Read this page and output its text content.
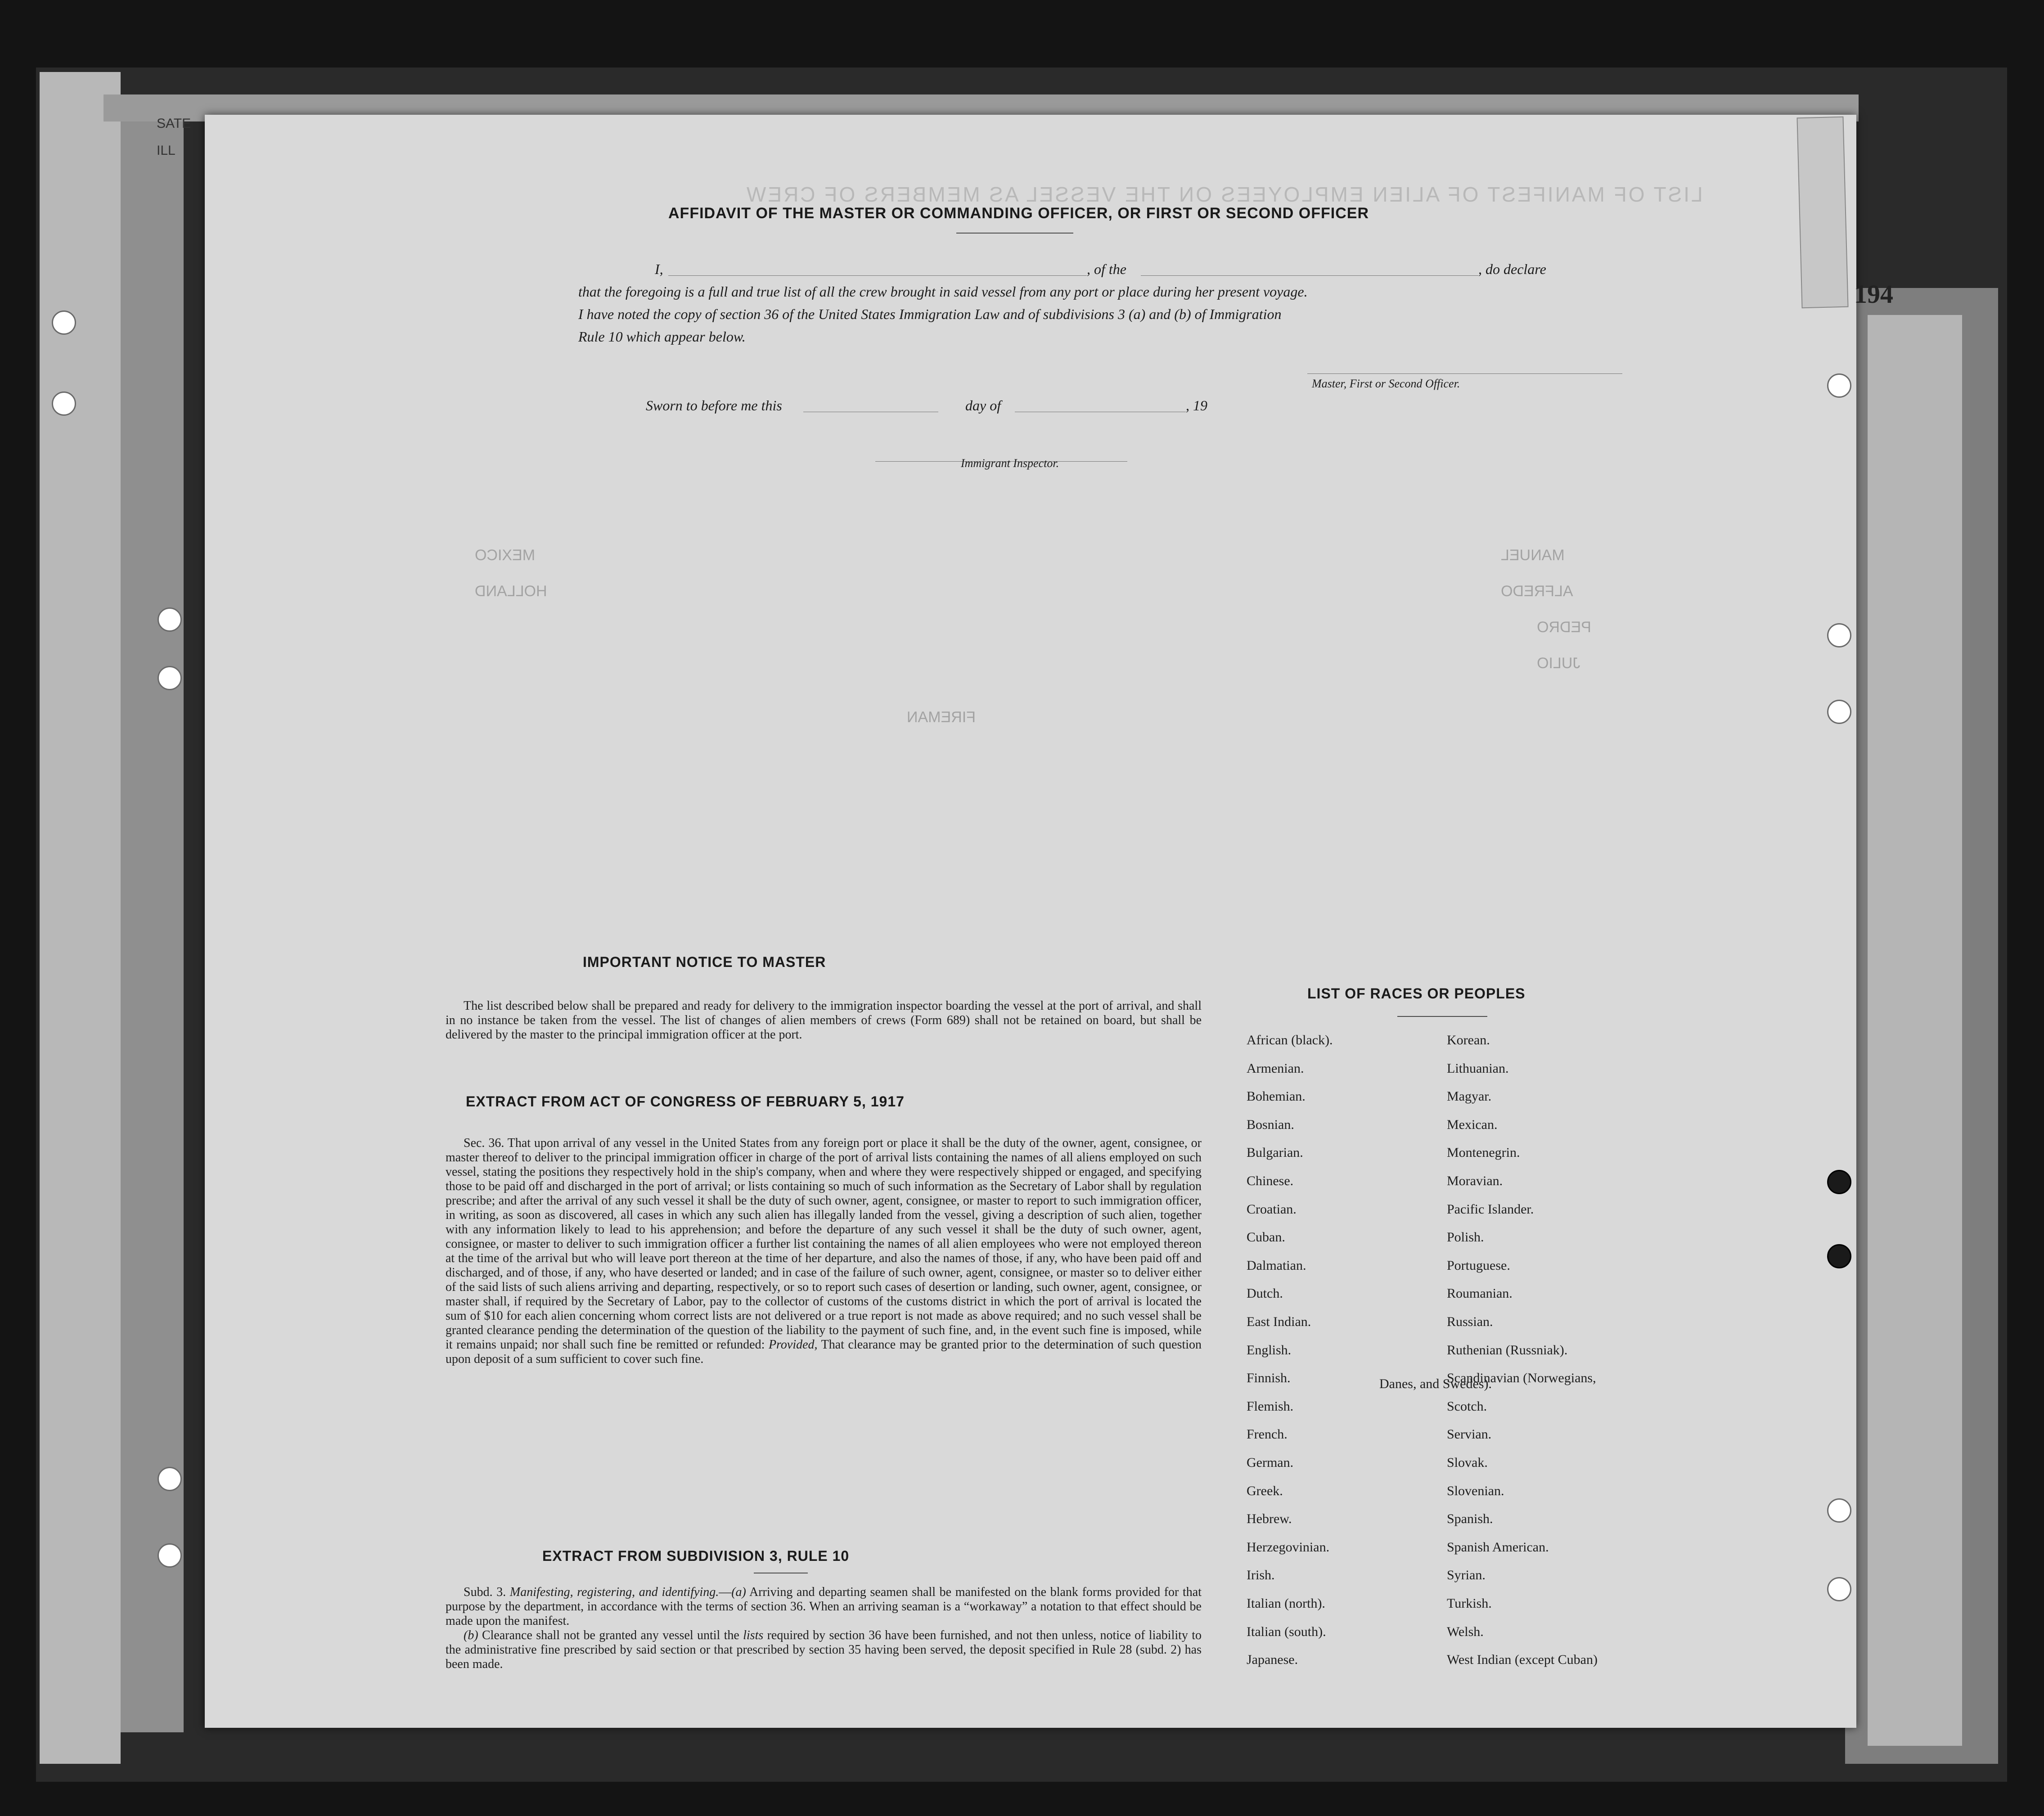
SATE
ILL
LIST OF MANIFEST OF ALIEN EMPLOYEES ON THE VESSEL AS MEMBERS OF CREW
MANUEL
ALFREDO
PEDRO
JULIO
FIREMAN
MEXICO
HOLLAND
AFFIDAVIT OF THE MASTER OR COMMANDING OFFICER, OR FIRST OR SECOND OFFICER
I,	, of the	, do declare
that the foregoing is a full and true list of all the crew brought in said vessel from any port or place during her present voyage.
I have noted the copy of section 36 of the United States Immigration Law and of subdivisions 3 (a) and (b) of Immigration
Rule 10 which appear below.
Master, First or Second Officer.
Sworn to before me this	day of	, 19
Immigrant Inspector.
IMPORTANT NOTICE TO MASTER
The list described below shall be prepared and ready for delivery to the immigration inspector boarding the vessel at the port of arrival, and shall in no instance be taken from the vessel. The list of changes of alien members of crews (Form 689) shall not be retained on board, but shall be delivered by the master to the principal immigration officer at the port.
EXTRACT FROM ACT OF CONGRESS OF FEBRUARY 5, 1917
Sec. 36. That upon arrival of any vessel in the United States from any foreign port or place it shall be the duty of the owner, agent, consignee, or master thereof to deliver to the principal immigration officer in charge of the port of arrival lists containing the names of all aliens employed on such vessel, stating the positions they respectively hold in the ship's company, when and where they were respectively shipped or engaged, and specifying those to be paid off and discharged in the port of arrival; or lists containing so much of such information as the Secretary of Labor shall by regulation prescribe; and after the arrival of any such vessel it shall be the duty of such owner, agent, consignee, or master to report to such immigration officer, in writing, as soon as discovered, all cases in which any such alien has illegally landed from the vessel, giving a description of such alien, together with any information likely to lead to his apprehension; and before the departure of any such vessel it shall be the duty of such owner, agent, consignee, or master to deliver to such immigration officer a further list containing the names of all alien employees who were not employed thereon at the time of the arrival but who will leave port thereon at the time of her departure, and also the names of those, if any, who have been paid off and discharged, and of those, if any, who have deserted or landed; and in case of the failure of such owner, agent, consignee, or master so to deliver either of the said lists of such aliens arriving and departing, respectively, or so to report such cases of desertion or landing, such owner, agent, consignee, or master shall, if required by the Secretary of Labor, pay to the collector of customs of the customs district in which the port of arrival is located the sum of $10 for each alien concerning whom correct lists are not delivered or a true report is not made as above required; and no such vessel shall be granted clearance pending the determination of the question of the liability to the payment of such fine, and, in the event such fine is imposed, while it remains unpaid; nor shall such fine be remitted or refunded: Provided, That clearance may be granted prior to the determination of such question upon deposit of a sum sufficient to cover such fine.
EXTRACT FROM SUBDIVISION 3, RULE 10
Subd. 3. Manifesting, registering, and identifying.—(a) Arriving and departing seamen shall be manifested on the blank forms provided for that purpose by the department, in accordance with the terms of section 36. When an arriving seaman is a “workaway” a notation to that effect should be made upon the manifest.
(b) Clearance shall not be granted any vessel until the lists required by section 36 have been furnished, and not then unless, notice of liability to the administrative fine prescribed by said section or that prescribed by section 35 having been served, the deposit specified in Rule 28 (subd. 2) has been made.
LIST OF RACES OR PEOPLES
Danes, and Swedes).
African (black).
Armenian.
Bohemian.
Bosnian.
Bulgarian.
Chinese.
Croatian.
Cuban.
Dalmatian.
Dutch.
East Indian.
English.
Finnish.
Flemish.
French.
German.
Greek.
Hebrew.
Herzegovinian.
Irish.
Italian (north).
Italian (south).
Japanese.
Korean.
Lithuanian.
Magyar.
Mexican.
Montenegrin.
Moravian.
Pacific Islander.
Polish.
Portuguese.
Roumanian.
Russian.
Ruthenian (Russniak).
Scandinavian (Norwegians,
Scotch.
Servian.
Slovak.
Slovenian.
Spanish.
Spanish American.
Syrian.
Turkish.
Welsh.
West Indian (except Cuban)
194
